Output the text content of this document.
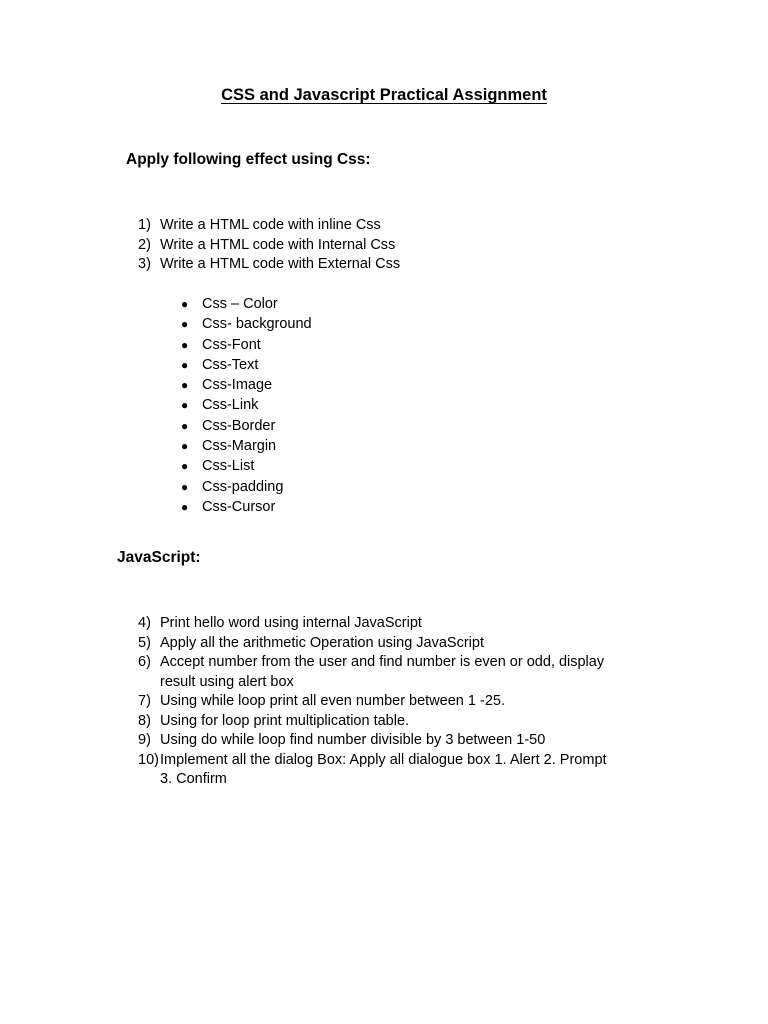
CSS and Javascript Practical Assignment
Apply following effect using Css:
1) Write a HTML code with inline Css
2) Write a HTML code with Internal Css
3) Write a HTML code with External Css
● Css – Color
● Css- background
● Css-Font
● Css-Text
● Css-Image
● Css-Link
● Css-Border
● Css-Margin
● Css-List
● Css-padding
● Css-Cursor
JavaScript:
4) Print hello word using internal JavaScript
5) Apply all the arithmetic Operation using JavaScript
6) Accept number from the user and find number is even or odd, display result using alert box
7) Using while loop print all even number between 1 -25.
8) Using for loop print multiplication table.
9) Using do while loop find number divisible by 3 between 1-50
10) Implement all the dialog Box: Apply all dialogue box 1. Alert 2. Prompt 3. Confirm
